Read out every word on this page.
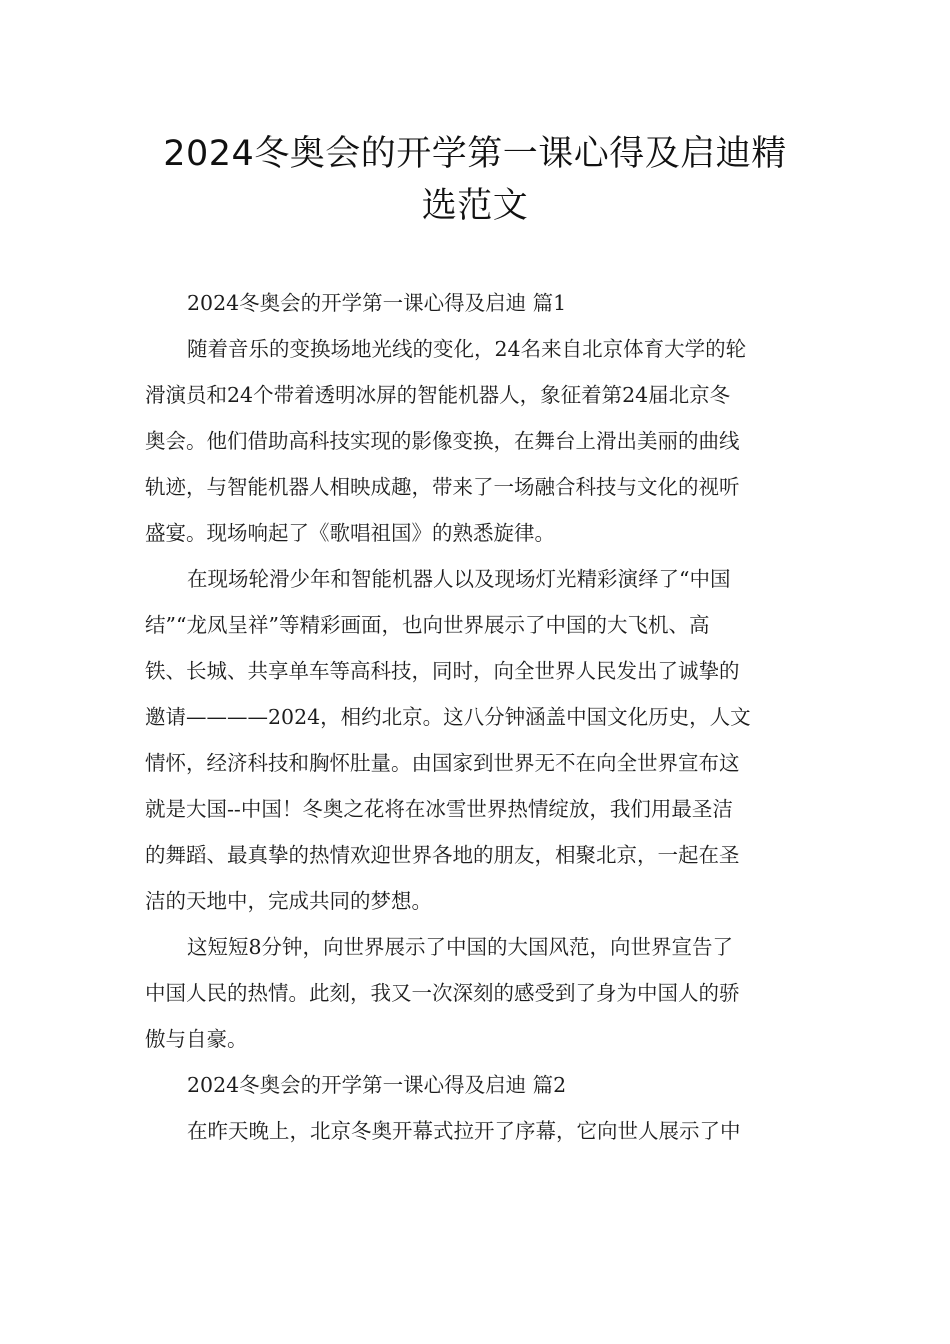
2024冬奥会的开学第一课心得及启迪精
选范文
2024冬奥会的开学第一课心得及启迪 篇1
随着音乐的变换场地光线的变化，24名来自北京体育大学的轮
滑演员和24个带着透明冰屏的智能机器人，象征着第24届北京冬
奥会。他们借助高科技实现的影像变换，在舞台上滑出美丽的曲线
轨迹，与智能机器人相映成趣，带来了一场融合科技与文化的视听
盛宴。现场响起了《歌唱祖国》的熟悉旋律。
在现场轮滑少年和智能机器人以及现场灯光精彩演绎了“中国
结”“龙凤呈祥”等精彩画面，也向世界展示了中国的大飞机、高
铁、长城、共享单车等高科技，同时，向全世界人民发出了诚挚的
邀请————2024，相约北京。这八分钟涵盖中国文化历史，人文
情怀，经济科技和胸怀肚量。由国家到世界无不在向全世界宣布这
就是大国--中国！冬奥之花将在冰雪世界热情绽放，我们用最圣洁
的舞蹈、最真挚的热情欢迎世界各地的朋友，相聚北京，一起在圣
洁的天地中，完成共同的梦想。
这短短8分钟，向世界展示了中国的大国风范，向世界宣告了
中国人民的热情。此刻，我又一次深刻的感受到了身为中国人的骄
傲与自豪。
2024冬奥会的开学第一课心得及启迪 篇2
在昨天晚上，北京冬奥开幕式拉开了序幕，它向世人展示了中
